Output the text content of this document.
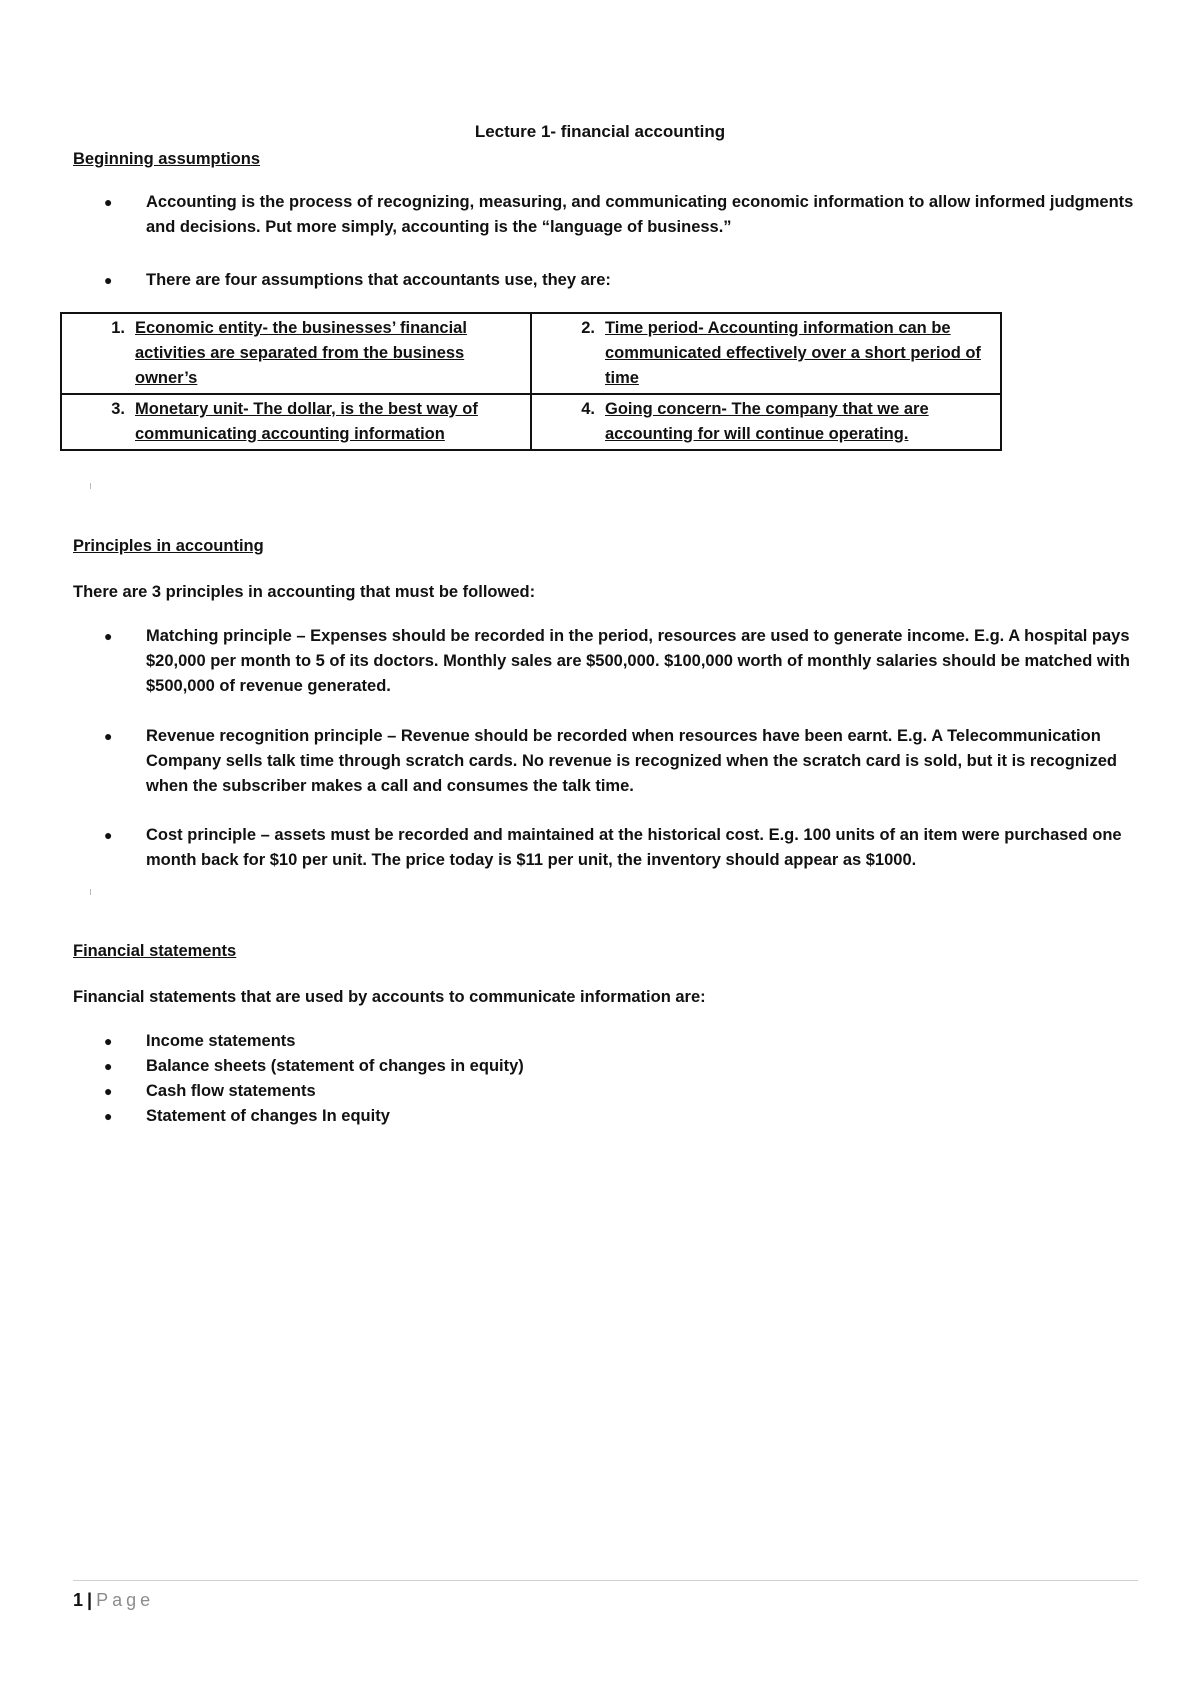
Lecture 1- financial accounting
Beginning assumptions
● Accounting is the process of recognizing, measuring, and communicating economic information to allow informed judgments and decisions. Put more simply, accounting is the “language of business.”
● There are four assumptions that accountants use, they are:
1. Economic entity- the businesses’ financial activities are separated from the business owner’s	2. Time period- Accounting information can be communicated effectively over a short period of time

3. Monetary unit- The dollar, is the best way of communicating accounting information	4. Going concern- The company that we are accounting for will continue operating.
Principles in accounting
There are 3 principles in accounting that must be followed:
● Matching principle – Expenses should be recorded in the period, resources are used to generate income. E.g. A hospital pays $20,000 per month to 5 of its doctors. Monthly sales are $500,000. $100,000 worth of monthly salaries should be matched with $500,000 of revenue generated.
● Revenue recognition principle – Revenue should be recorded when resources have been earnt. E.g. A Telecommunication Company sells talk time through scratch cards. No revenue is recognized when the scratch card is sold, but it is recognized when the subscriber makes a call and consumes the talk time.
● Cost principle – assets must be recorded and maintained at the historical cost. E.g. 100 units of an item were purchased one month back for $10 per unit. The price today is $11 per unit, the inventory should appear as $1000.
Financial statements
Financial statements that are used by accounts to communicate information are:
● Income statements
● Balance sheets (statement of changes in equity)
● Cash flow statements
● Statement of changes In equity
1 | Page
